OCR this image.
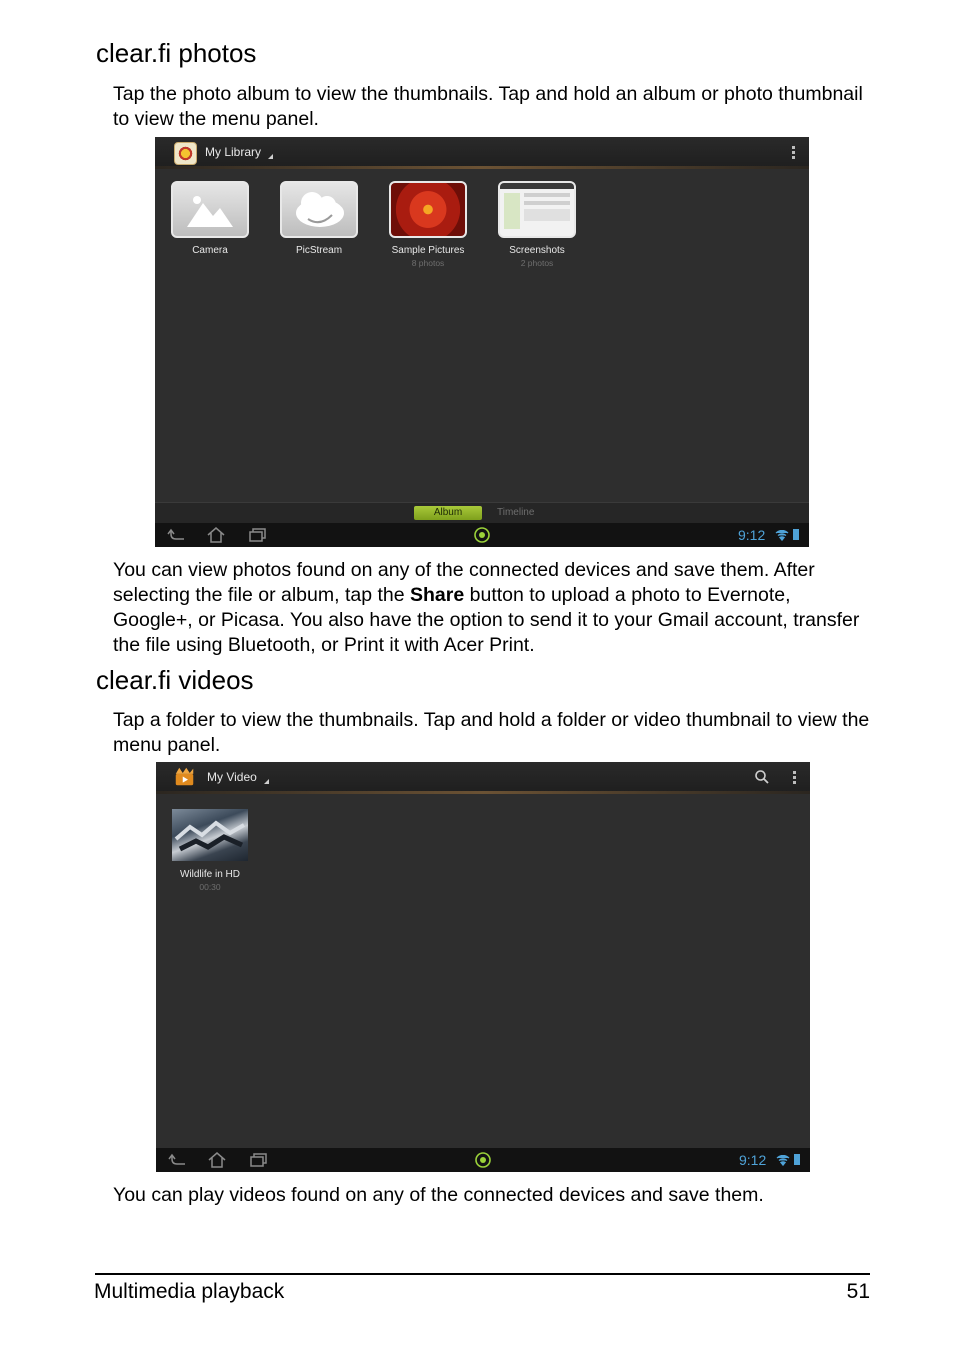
clear.fi photos

Tap the photo album to view the thumbnails. Tap and hold an album or photo thumbnail to view the menu panel.

My Library
Camera	PicStream	Sample Pictures
8 photos
Screenshots
2 photos
Album	Timeline
9:12

You can view photos found on any of the connected devices and save them. After selecting the file or album, tap the Share button to upload a photo to Evernote, Google+, or Picasa. You also have the option to send it to your Gmail account, transfer the file using Bluetooth, or Print it with Acer Print.

clear.fi videos

Tap a folder to view the thumbnails. Tap and hold a folder or video thumbnail to view the menu panel.

My Video
Wildlife in HD
00:30
9:12

You can play videos found on any of the connected devices and save them.

Multimedia playback	51
